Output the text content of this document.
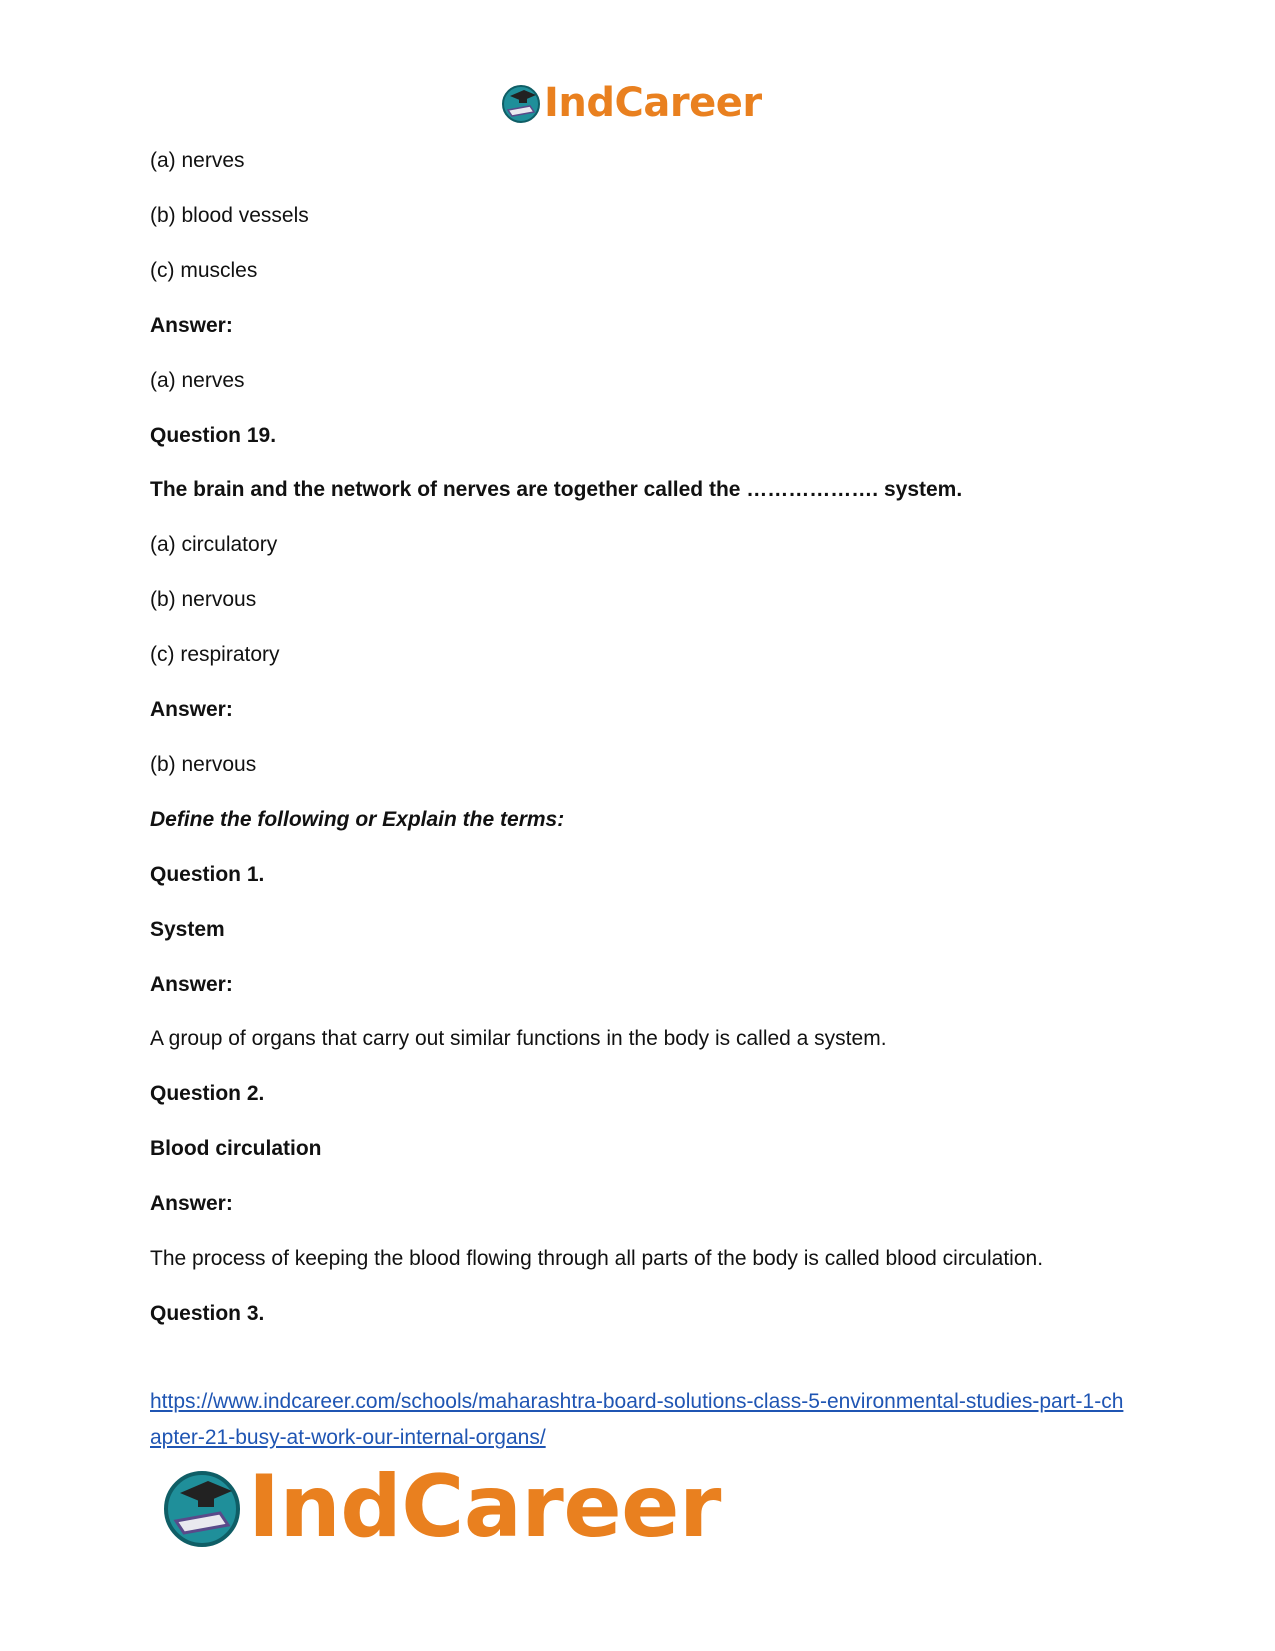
IndCareer
(a) nerves
(b) blood vessels
(c) muscles
Answer:
(a) nerves
Question 19.
The brain and the network of nerves are together called the ………………. system.
(a) circulatory
(b) nervous
(c) respiratory
Answer:
(b) nervous
Define the following or Explain the terms:
Question 1.
System
Answer:
A group of organs that carry out similar functions in the body is called a system.
Question 2.
Blood circulation
Answer:
The process of keeping the blood flowing through all parts of the body is called blood circulation.
Question 3.
https://www.indcareer.com/schools/maharashtra-board-solutions-class-5-environmental-studies-part-1-chapter-21-busy-at-work-our-internal-organs/
IndCareer
